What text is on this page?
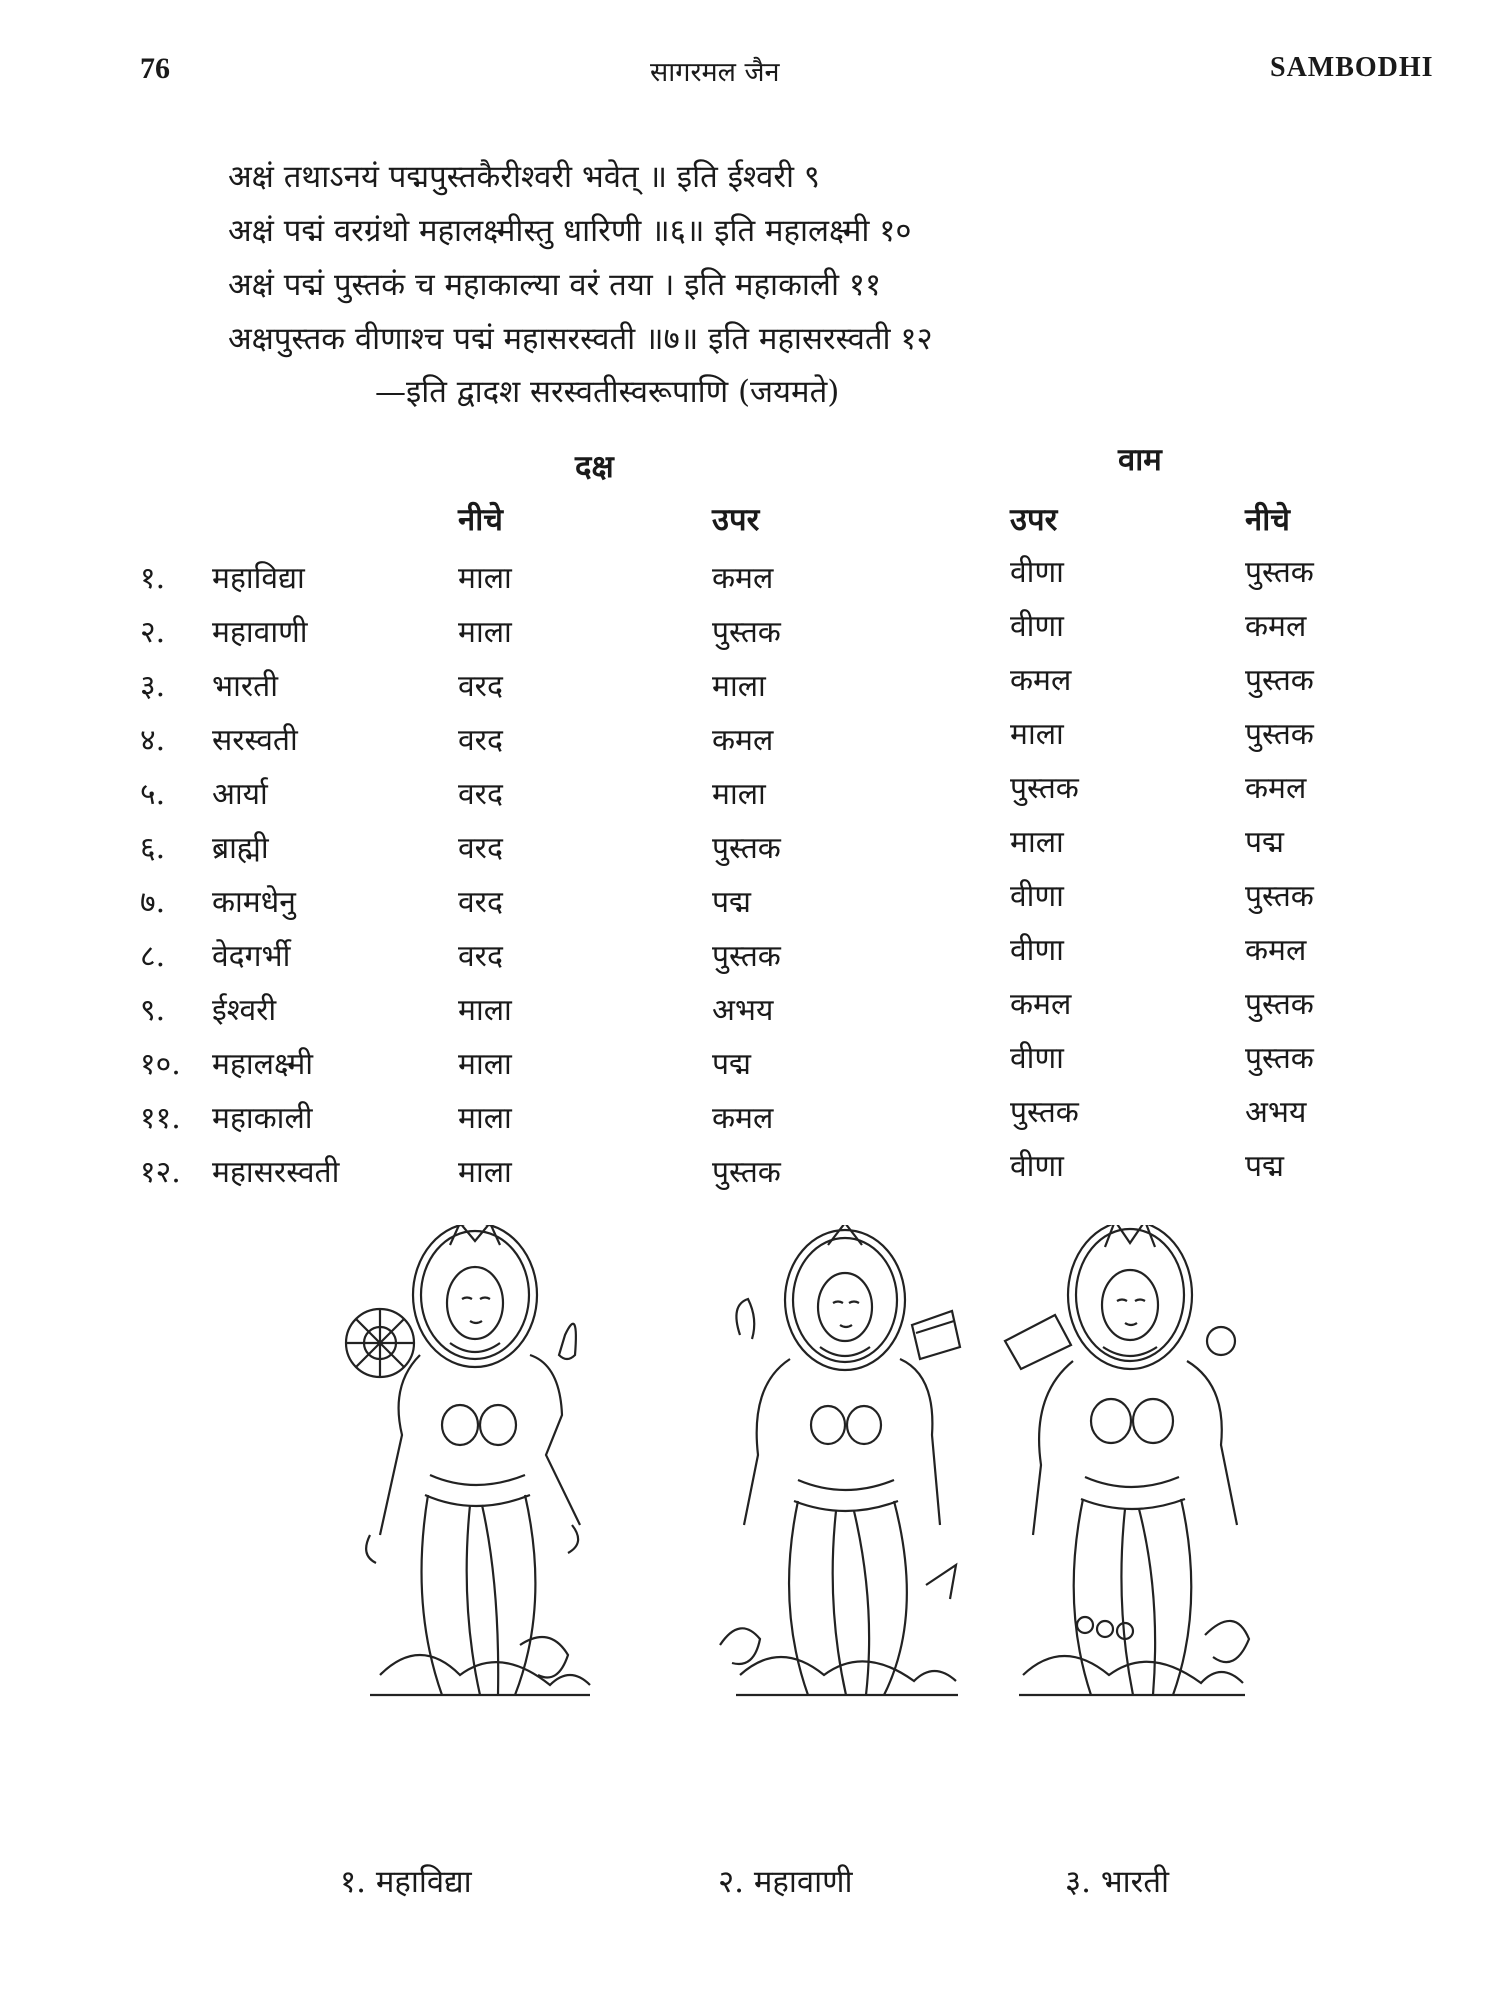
76	सागरमल जैन	SAMBODHI
अक्षं तथाऽनयं पद्मपुस्तकैरीश्वरी भवेत् ॥ इति ईश्वरी ९
अक्षं पद्मं वरग्रंथो महालक्ष्मीस्तु धारिणी ॥६॥ इति महालक्ष्मी १०
अक्षं पद्मं पुस्तकं च महाकाल्या वरं तया । इति महाकाली ११
अक्षपुस्तक वीणाश्च पद्मं महासरस्वती ॥७॥ इति महासरस्वती १२
—इति द्वादश सरस्वतीस्वरूपाणि (जयमते)
दक्ष	वाम
नीचे	उपर	उपर	नीचे
१. महाविद्या	माला	कमल	वीणा	पुस्तक
२. महावाणी	माला	पुस्तक	वीणा	कमल
३. भारती	वरद	माला	कमल	पुस्तक
४. सरस्वती	वरद	कमल	माला	पुस्तक
५. आर्या	वरद	माला	पुस्तक	कमल
६. ब्राह्मी	वरद	पुस्तक	माला	पद्म
७. कामधेनु	वरद	पद्म	वीणा	पुस्तक
८. वेदगर्भी	वरद	पुस्तक	वीणा	कमल
९. ईश्वरी	माला	अभय	कमल	पुस्तक
१०. महालक्ष्मी	माला	पद्म	वीणा	पुस्तक
११. महाकाली	माला	कमल	पुस्तक	अभय
१२. महासरस्वती	माला	पुस्तक	वीणा	पद्म
१. महाविद्या	२. महावाणी	३. भारती
